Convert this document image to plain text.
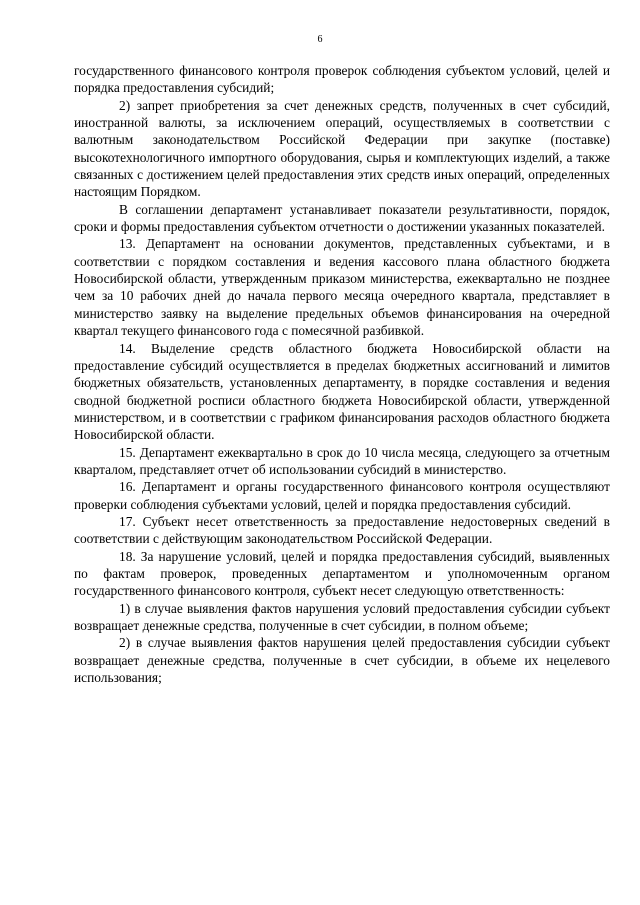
6

государственного финансового контроля проверок соблюдения субъектом условий, целей и порядка предоставления субсидий;

2) запрет приобретения за счет денежных средств, полученных в счет субсидий, иностранной валюты, за исключением операций, осуществляемых в соответствии с валютным законодательством Российской Федерации при закупке (поставке) высокотехнологичного импортного оборудования, сырья и комплектующих изделий, а также связанных с достижением целей предоставления этих средств иных операций, определенных настоящим Порядком.

В соглашении департамент устанавливает показатели результативности, порядок, сроки и формы предоставления субъектом отчетности о достижении указанных показателей.

13. Департамент на основании документов, представленных субъектами, и в соответствии с порядком составления и ведения кассового плана областного бюджета Новосибирской области, утвержденным приказом министерства, ежеквартально не позднее чем за 10 рабочих дней до начала первого месяца очередного квартала, представляет в министерство заявку на выделение предельных объемов финансирования на очередной квартал текущего финансового года с помесячной разбивкой.

14. Выделение средств областного бюджета Новосибирской области на предоставление субсидий осуществляется в пределах бюджетных ассигнований и лимитов бюджетных обязательств, установленных департаменту, в порядке составления и ведения сводной бюджетной росписи областного бюджета Новосибирской области, утвержденной министерством, и в соответствии с графиком финансирования расходов областного бюджета Новосибирской области.

15. Департамент ежеквартально в срок до 10 числа месяца, следующего за отчетным кварталом, представляет отчет об использовании субсидий в министерство.

16. Департамент и органы государственного финансового контроля осуществляют проверки соблюдения субъектами условий, целей и порядка предоставления субсидий.

17. Субъект несет ответственность за предоставление недостоверных сведений в соответствии с действующим законодательством Российской Федерации.

18. За нарушение условий, целей и порядка предоставления субсидий, выявленных по фактам проверок, проведенных департаментом и уполномоченным органом государственного финансового контроля, субъект несет следующую ответственность:

1) в случае выявления фактов нарушения условий предоставления субсидии субъект возвращает денежные средства, полученные в счет субсидии, в полном объеме;

2) в случае выявления фактов нарушения целей предоставления субсидии субъект возвращает денежные средства, полученные в счет субсидии, в объеме их нецелевого использования;
